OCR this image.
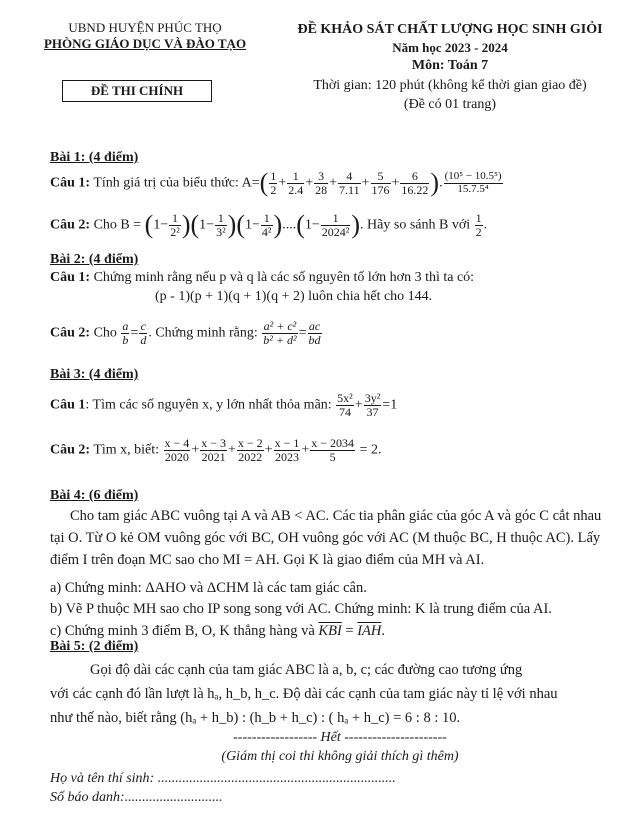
UBND HUYỆN PHÚC THỌ
PHÒNG GIÁO DỤC VÀ ĐÀO TẠO
ĐỀ THI CHÍNH
ĐỀ KHẢO SÁT CHẤT LƯỢNG HỌC SINH GIỎI
Năm học 2023 - 2024
Môn: Toán 7
Thời gian: 120 phút (không kể thời gian giao đề)
(Đề có 01 trang)
Bài 1: (4 điểm)
Câu 1: Tính giá trị của biểu thức: $A=( \frac{1}{2} + \frac{1}{2.4} + \frac{3}{28} + \frac{4}{7.11} + \frac{5}{176} + \frac{6}{16.22}$ ). $\frac{\text{(10⁵ − 10.5⁵)}}{\text{15.7.5⁴}}$
Câu 2: Cho $B = (1- \frac{1}{\text{2²}} )(1- \frac{1}{\text{3²}} )(1- \frac{1}{\text{4²}} )....(1- \frac{1}{\text{2024²}}$ ). Hãy so sánh B với $\frac{1}{2}$ .
Bài 2: (4 điểm)
Câu 1: Chứng minh rằng nếu p và q là các số nguyên tố lớn hơn 3 thì ta có:
(p - 1)(p + 1)(q + 1)(q + 2) luôn chia hết cho 144.
Câu 2: Cho $\frac{a}{b} = \frac{c}{d}$ . Chứng minh rằng: $\frac{\text{a² + c²}}{\text{b² + d²}} = \frac{ac}{bd}$
Bài 3: (4 điểm)
Câu 1: Tìm các số nguyên x, y lớn nhất thỏa mãn: $\frac{\text{5x²}}{74} + \frac{\text{3y²}}{37} =1$
Câu 2: Tìm x, biết: $\frac{x - 4}{2020} + \frac{x - 3}{2021} + \frac{x - 2}{2022} + \frac{x - 1}{2023} + \frac{x - 2034}{5} = 2$.
Bài 4: (6 điểm)
Cho tam giác ABC vuông tại A và AB < AC. Các tia phân giác của góc A và góc C cắt nhau tại O. Từ O kẻ OM vuông góc với BC, OH vuông góc với AC (M thuộc BC, H thuộc AC). Lấy điểm I trên đoạn MC sao cho MI = AH. Gọi K là giao điểm của MH và AI.
a) Chứng minh: ΔAHO và ΔCHM là các tam giác cân.
b) Vẽ P thuộc MH sao cho IP song song với AC. Chứng minh: K là trung điểm của AI.
c) Chứng minh 3 điểm B, O, K thẳng hàng và $\overline{KBI} = \overline{IAH}$.
Bài 5: (2 điểm)
Gọi độ dài các cạnh của tam giác ABC là a, b, c; các đường cao tương ứng
với các cạnh đó lần lượt là hₐ, h_b, h_c. Độ dài các cạnh của tam giác này tỉ lệ với nhau
như thế nào, biết rằng (hₐ + h_b) : (h_b + h_c) : ( hₐ + h_c) = 6 : 8 : 10.
------------------ Hết ----------------------
(Giám thị coi thi không giải thích gì thêm)
Họ và tên thí sinh: ....................................................................
Số báo danh:............................
